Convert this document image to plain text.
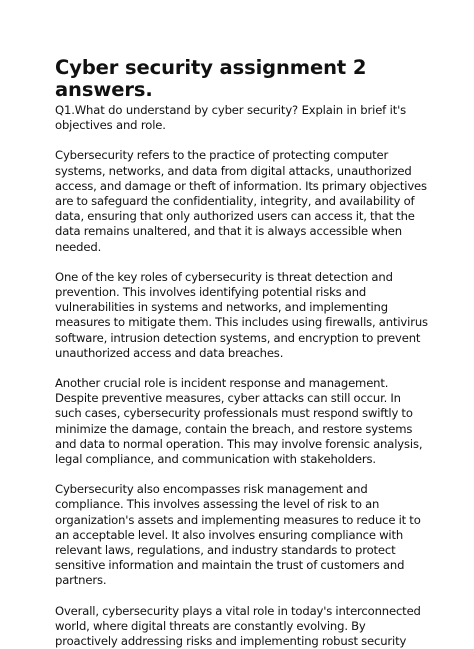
Cyber security assignment 2
answers.
Q1.What do understand by cyber security? Explain in brief it's
objectives and role.
Cybersecurity refers to the practice of protecting computer
systems, networks, and data from digital attacks, unauthorized
access, and damage or theft of information. Its primary objectives
are to safeguard the confidentiality, integrity, and availability of
data, ensuring that only authorized users can access it, that the
data remains unaltered, and that it is always accessible when
needed.
One of the key roles of cybersecurity is threat detection and
prevention. This involves identifying potential risks and
vulnerabilities in systems and networks, and implementing
measures to mitigate them. This includes using firewalls, antivirus
software, intrusion detection systems, and encryption to prevent
unauthorized access and data breaches.
Another crucial role is incident response and management.
Despite preventive measures, cyber attacks can still occur. In
such cases, cybersecurity professionals must respond swiftly to
minimize the damage, contain the breach, and restore systems
and data to normal operation. This may involve forensic analysis,
legal compliance, and communication with stakeholders.
Cybersecurity also encompasses risk management and
compliance. This involves assessing the level of risk to an
organization's assets and implementing measures to reduce it to
an acceptable level. It also involves ensuring compliance with
relevant laws, regulations, and industry standards to protect
sensitive information and maintain the trust of customers and
partners.
Overall, cybersecurity plays a vital role in today's interconnected
world, where digital threats are constantly evolving. By
proactively addressing risks and implementing robust security
